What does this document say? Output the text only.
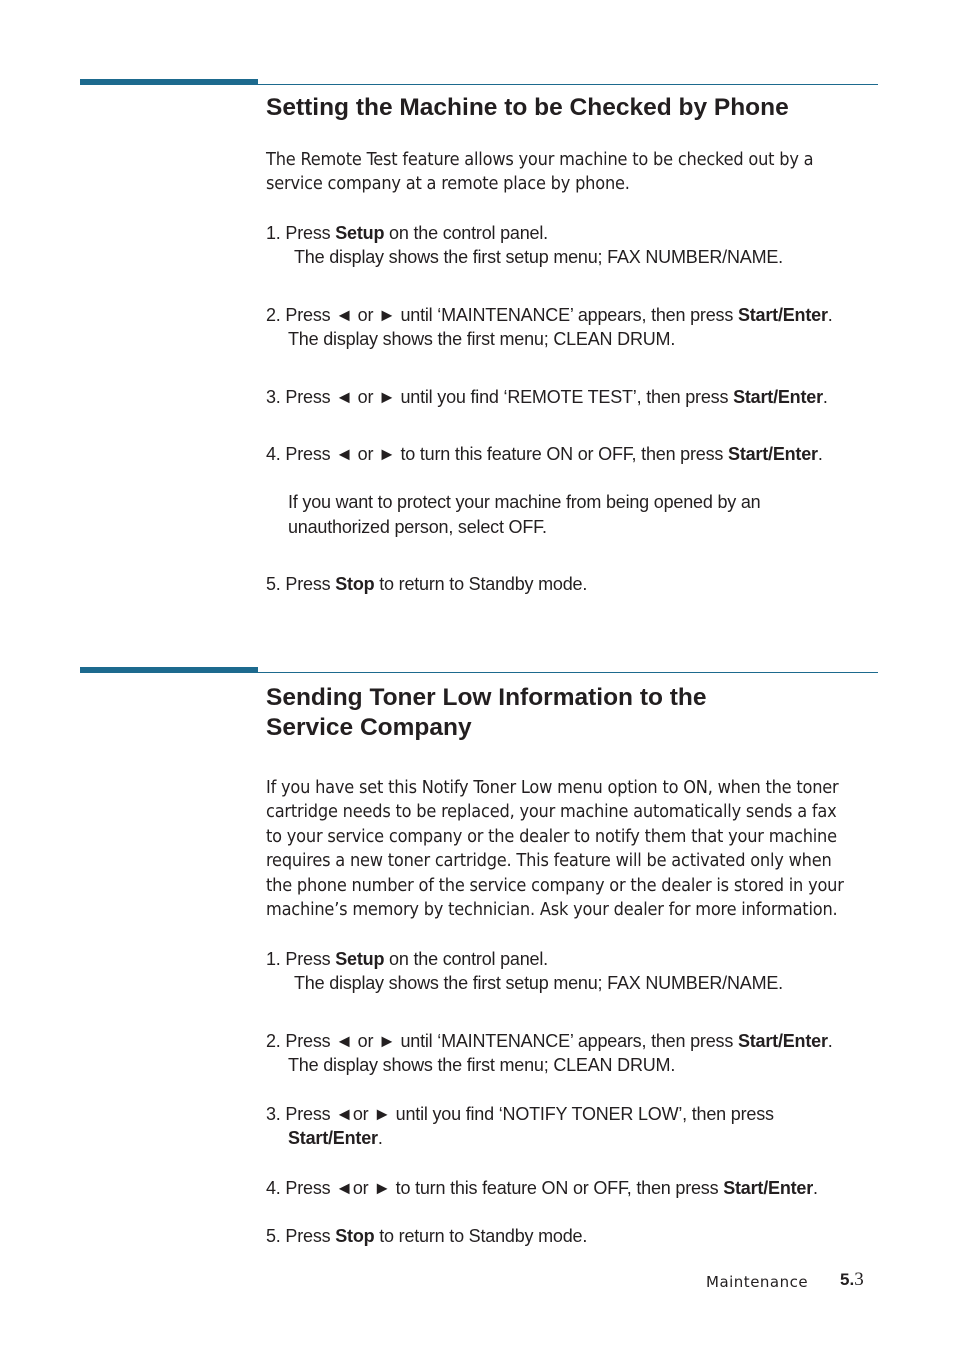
Setting the Machine to be Checked by Phone

The Remote Test feature allows your machine to be checked out by a
service company at a remote place by phone.

1. Press Setup on the control panel.
The display shows the first setup menu; FAX NUMBER/NAME.

2. Press ◄ or ► until ‘MAINTENANCE’ appears, then press Start/Enter.
The display shows the first menu; CLEAN DRUM.

3. Press ◄ or ► until you find ‘REMOTE TEST’, then press Start/Enter.

4. Press ◄ or ► to turn this feature ON or OFF, then press Start/Enter.
If you want to protect your machine from being opened by an
unauthorized person, select OFF.

5. Press Stop to return to Standby mode.

Sending Toner Low Information to the
Service Company

If you have set this Notify Toner Low menu option to ON, when the toner
cartridge needs to be replaced, your machine automatically sends a fax
to your service company or the dealer to notify them that your machine
requires a new toner cartridge. This feature will be activated only when
the phone number of the service company or the dealer is stored in your
machine’s memory by technician. Ask your dealer for more information.

1. Press Setup on the control panel.
The display shows the first setup menu; FAX NUMBER/NAME.

2. Press ◄ or ► until ‘MAINTENANCE’ appears, then press Start/Enter.
The display shows the first menu; CLEAN DRUM.

3. Press ◄or ► until you find ‘NOTIFY TONER LOW’, then press
Start/Enter.

4. Press ◄or ► to turn this feature ON or OFF, then press Start/Enter.

5. Press Stop to return to Standby mode.

Maintenance 5.3
